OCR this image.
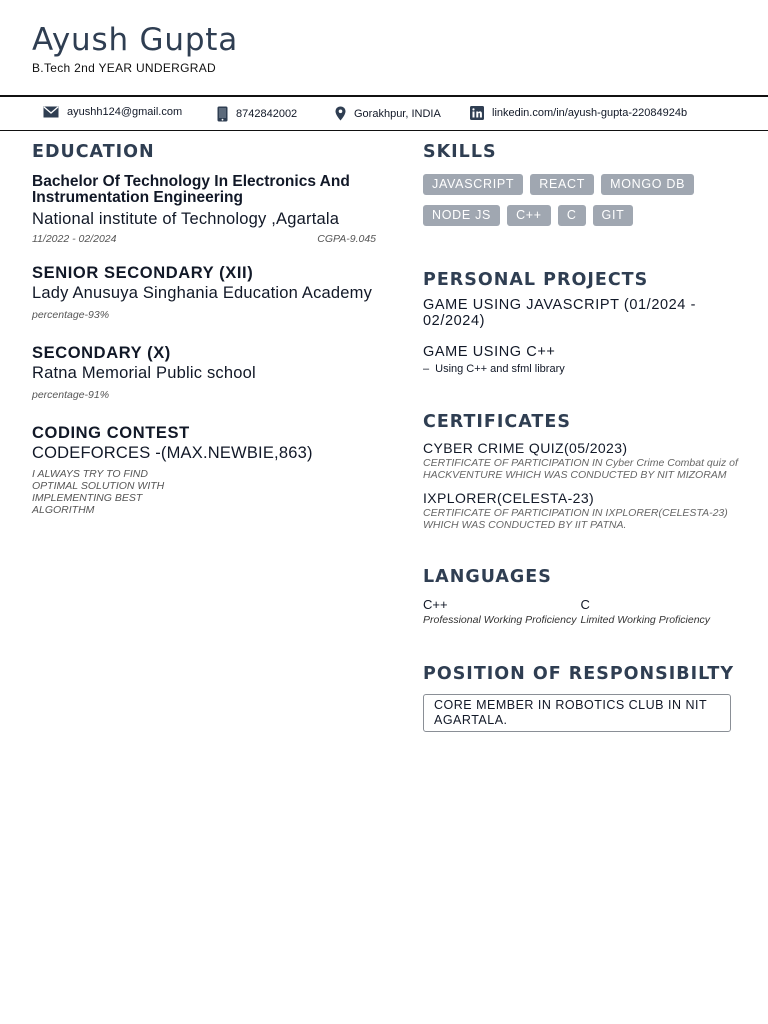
Ayush Gupta
B.Tech 2nd YEAR UNDERGRAD
ayushh124@gmail.com	8742842002	Gorakhpur, INDIA	linkedin.com/in/ayush-gupta-22084924b
EDUCATION
Bachelor Of Technology In Electronics And Instrumentation Engineering
National institute of Technology ,Agartala
11/2022 - 02/2024	CGPA-9.045
SENIOR SECONDARY (XII)
Lady Anusuya Singhania Education Academy
percentage-93%
SECONDARY (X)
Ratna Memorial Public school
percentage-91%
CODING CONTEST
CODEFORCES -(MAX.NEWBIE,863)
I ALWAYS TRY TO FIND OPTIMAL SOLUTION WITH IMPLEMENTING BEST ALGORITHM
SKILLS
JAVASCRIPT	REACT	MONGO DB
NODE JS	C++	C	GIT
PERSONAL PROJECTS
GAME USING JAVASCRIPT (01/2024 - 02/2024)
GAME USING C++
– Using C++ and sfml library
CERTIFICATES
CYBER CRIME QUIZ(05/2023)
CERTIFICATE OF PARTICIPATION IN Cyber Crime Combat quiz of HACKVENTURE WHICH WAS CONDUCTED BY NIT MIZORAM
IXPLORER(CELESTA-23)
CERTIFICATE OF PARTICIPATION IN IXPLORER(CELESTA-23) WHICH WAS CONDUCTED BY IIT PATNA.
LANGUAGES
C++
Professional Working Proficiency
C
Limited Working Proficiency
POSITION OF RESPONSIBILTY
CORE MEMBER IN ROBOTICS CLUB IN NIT AGARTALA.
